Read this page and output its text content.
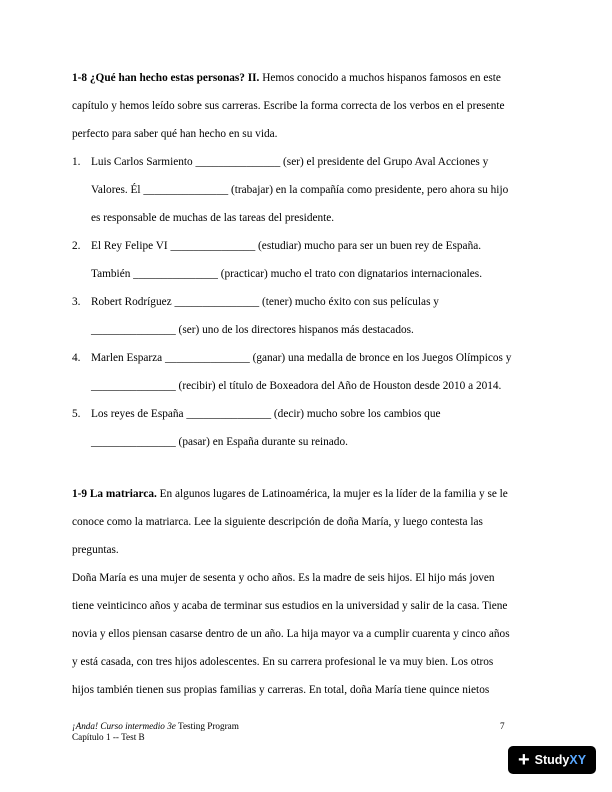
1-8 ¿Qué han hecho estas personas? II. Hemos conocido a muchos hispanos famosos en este
capítulo y hemos leído sobre sus carreras. Escribe la forma correcta de los verbos en el presente
perfecto para saber qué han hecho en su vida.
1. Luis Carlos Sarmiento _______________ (ser) el presidente del Grupo Aval Acciones y
Valores. Él _______________ (trabajar) en la compañía como presidente, pero ahora su hijo
es responsable de muchas de las tareas del presidente.
2. El Rey Felipe VI _______________ (estudiar) mucho para ser un buen rey de España.
También _______________ (practicar) mucho el trato con dignatarios internacionales.
3. Robert Rodríguez _______________ (tener) mucho éxito con sus películas y
_______________ (ser) uno de los directores hispanos más destacados.
4. Marlen Esparza _______________ (ganar) una medalla de bronce en los Juegos Olímpicos y
_______________ (recibir) el título de Boxeadora del Año de Houston desde 2010 a 2014.
5. Los reyes de España _______________ (decir) mucho sobre los cambios que
_______________ (pasar) en España durante su reinado.
1-9 La matriarca. En algunos lugares de Latinoamérica, la mujer es la líder de la familia y se le
conoce como la matriarca. Lee la siguiente descripción de doña María, y luego contesta las
preguntas.
Doña María es una mujer de sesenta y ocho años. Es la madre de seis hijos. El hijo más joven
tiene veinticinco años y acaba de terminar sus estudios en la universidad y salir de la casa. Tiene
novia y ellos piensan casarse dentro de un año. La hija mayor va a cumplir cuarenta y cinco años
y está casada, con tres hijos adolescentes. En su carrera profesional le va muy bien. Los otros
hijos también tienen sus propias familias y carreras. En total, doña María tiene quince nietos
¡Anda! Curso intermedio 3e Testing Program
Capítulo 1 -- Test B
7
+ Study XY
